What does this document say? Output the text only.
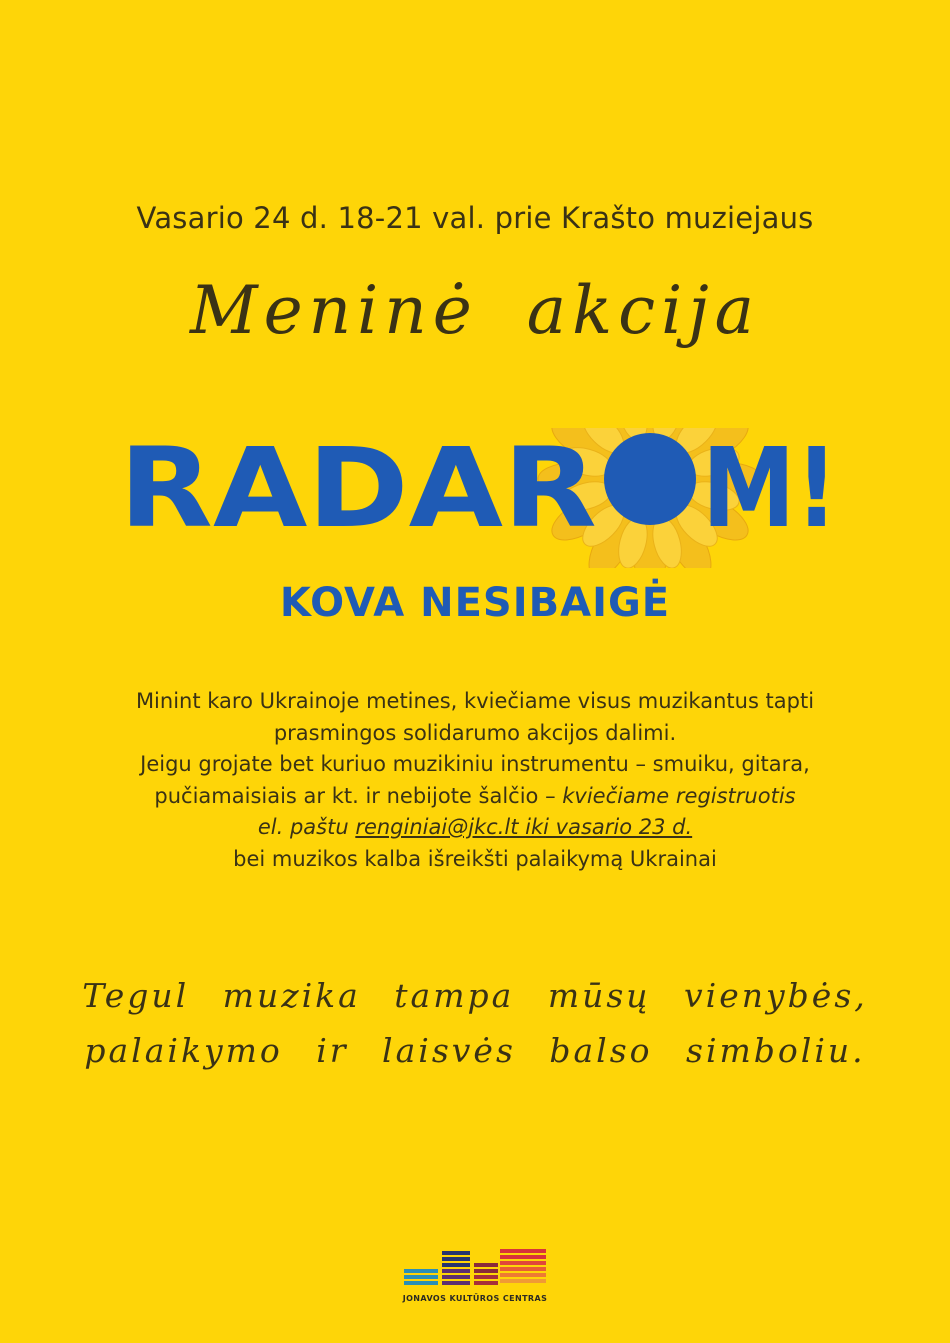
Vasario 24 d. 18-21 val. prie Krašto muziejaus
Meninė akcija
RADAR M!
KOVA NESIBAIGĖ
Minint karo Ukrainoje metines, kviečiame visus muzikantus tapti
prasmingos solidarumo akcijos dalimi.
Jeigu grojate bet kuriuo muzikiniu instrumentu – smuiku, gitara,
pučiamaisiais ar kt. ir nebijote šalčio – kviečiame registruotis
el. paštu renginiai@jkc.lt iki vasario 23 d.
bei muzikos kalba išreikšti palaikymą Ukrainai
Tegul muzika tampa mūsų vienybės,
palaikymo ir laisvės balso simboliu.
JONAVOS KULTŪROS CENTRAS
